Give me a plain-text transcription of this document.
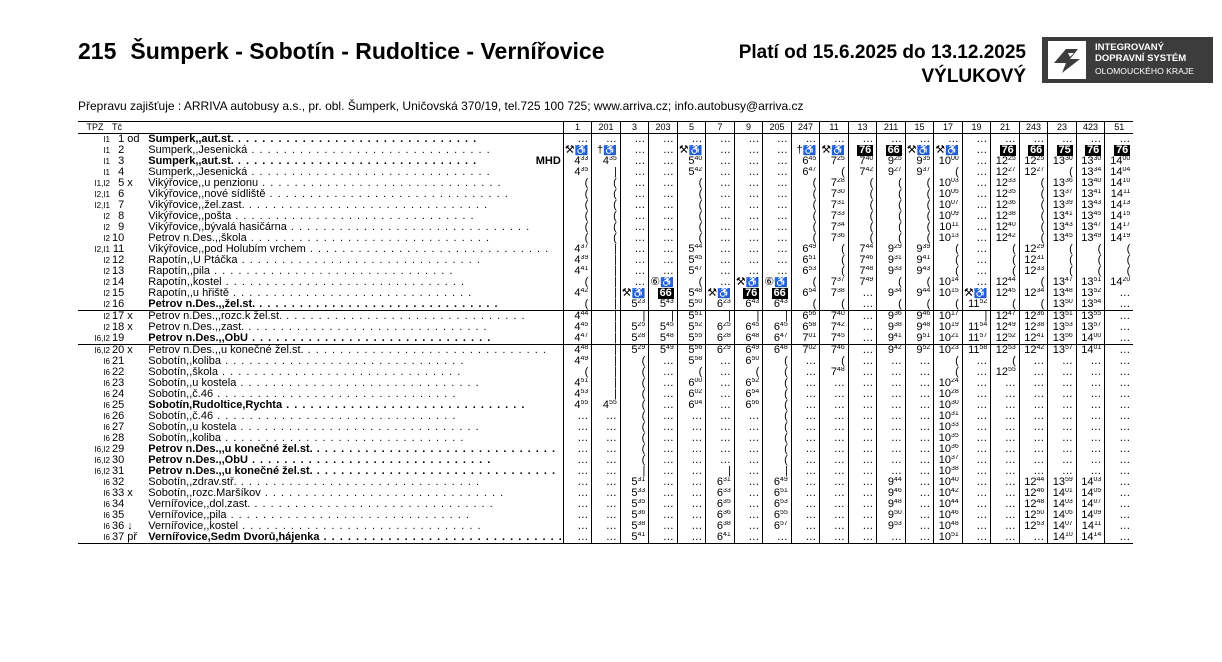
215 Šumperk - Sobotín - Rudoltice - Vernířovice	Platí od 15.6.2025 do 13.12.2025
VÝLUKOVÝ
INTEGROVANÝ
DOPRAVNÍ SYSTÉM
OLOMOUCKÉHO KRAJE
Přepravu zajišťuje : ARRIVA autobusy a.s., pr. obl. Šumperk, Uničovská 370/19, tel.725 100 725; www.arriva.cz; info.autobusy@arriva.cz
TPZ	Tč			1	201	3	203	5	7	9	205	247	11	13	211	15	17	19	21	243	23	423	51
I1	1	od	Šumperk,,aut.st. . . . . . . . . . . . . . . . . . . . . . . . . . . . . . .	…	…	…	…	…	…	…	…	…	…	…	…	…	…	…	…	…	…	…	…
I1	2		Šumperk,,Jesenická . . . . . . . . . . . . . . . . . . . . . . . . . . . . . .	⚒♿	†♿	…	…	⚒♿	…	…	…	†♿	⚒♿	76	66	⚒♿	⚒♿	…	76	66	75	76	76
I1	3		Šumperk,,aut.st. . . . . . . . . . . . . . . . . . . . . . . . . . . . . . . MHD	$4^{33}$	$4^{35}$	…	…	$5^{40}$	…	…	…	$6^{45}$	$7^{25}$	$7^{40}$	$9^{25}$	$9^{35}$	$10^{00}$	…	$12^{25}$	$12^{25}$	$13^{30}$	$13^{30}$	$14^{00}$
I1	4		Šumperk,,Jesenická . . . . . . . . . . . . . . . . . . . . . . . . . . . . . .	$4^{35}$	|	…	…	$5^{42}$	…	…	…	$6^{47}$	(	$7^{42}$	$9^{27}$	$9^{37}$	(	…	$12^{27}$	$12^{27}$	(	$13^{34}$	$14^{04}$
I1,I2	5	x	Vikýřovice,,u penzionu . . . . . . . . . . . . . . . . . . . . . . . . . . . . . .	(	(	…	…	(	…	…	…	(	$7^{28}$	(	(	(	$10^{03}$	…	$12^{33}$	(	$13^{36}$	$13^{40}$	$14^{10}$
I2,I1	6		Vikýřovice,,nové sídliště . . . . . . . . . . . . . . . . . . . . . . . . . . . . . .	(	(	…	…	(	…	…	…	(	$7^{30}$	(	(	(	$10^{05}$	…	$12^{35}$	(	$13^{37}$	$13^{41}$	$14^{11}$
I2,I1	7		Vikýřovice,,žel.zast. . . . . . . . . . . . . . . . . . . . . . . . . . . . . . .	(	(	…	…	(	…	…	…	(	$7^{31}$	(	(	(	$10^{07}$	…	$12^{36}$	(	$13^{39}$	$13^{43}$	$14^{13}$
I2	8		Vikýřovice,,pošta . . . . . . . . . . . . . . . . . . . . . . . . . . . . . .	(	(	…	…	(	…	…	…	(	$7^{33}$	(	(	(	$10^{09}$	…	$12^{38}$	(	$13^{41}$	$13^{45}$	$14^{15}$
I2	9		Vikýřovice,,bývalá hasičárna . . . . . . . . . . . . . . . . . . . . . . . . . . . . . .	(	(	…	…	(	…	…	…	(	$7^{34}$	(	(	(	$10^{11}$	…	$12^{40}$	(	$13^{43}$	$13^{47}$	$14^{17}$
I2	10		Petrov n.Des.,,škola . . . . . . . . . . . . . . . . . . . . . . . . . . . . . .	(	(	…	…	(	…	…	…	(	$7^{36}$	(	(	(	$10^{13}$	…	$12^{42}$	(	$13^{45}$	$13^{49}$	$14^{19}$
I2,I1	11		Vikýřovice,,pod Holubím vrchem . . . . . . . . . . . . . . . . . . . . . . . . . . . . . .	$4^{37}$	|	…	…	$5^{44}$	…	…	…	$6^{49}$	(	$7^{44}$	$9^{29}$	$9^{39}$	(	…	(	$12^{29}$	(	(	(
I2	12		Rapotín,,U Ptáčka . . . . . . . . . . . . . . . . . . . . . . . . . . . . . .	$4^{39}$	|	…	…	$5^{45}$	…	…	…	$6^{51}$	(	$7^{46}$	$9^{31}$	$9^{41}$	(	…	(	$12^{31}$	(	(	(
I2	13		Rapotín,,pila . . . . . . . . . . . . . . . . . . . . . . . . . . . . . .	$4^{41}$	|	…	…	$5^{47}$	…	…	…	$6^{53}$	(	$7^{48}$	$9^{33}$	$9^{43}$	(	…	(	$12^{33}$	(	(	(
I2	14		Rapotín,,kostel . . . . . . . . . . . . . . . . . . . . . . . . . . . . . .	(	|	…	⑥♿	(	…	⚒♿	⑥♿	(	$7^{37}$	$7^{49}$	(	(	$10^{14}$	…	$12^{44}$	(	$13^{47}$	$13^{51}$	$14^{20}$
I2	15		Rapotín,,u hřiště . . . . . . . . . . . . . . . . . . . . . . . . . . . . . .	$4^{42}$	|	⚒♿	66	$5^{48}$	⚒♿	76	66	$6^{54}$	$7^{38}$	…	$9^{34}$	$9^{44}$	$10^{15}$	⚒♿	$12^{45}$	$12^{34}$	$13^{48}$	$13^{52}$	…
I2	16		Petrov n.Des.,,žel.st. . . . . . . . . . . . . . . . . . . . . . . . . . . . . . .	(	|	$5^{23}$	$5^{43}$	$5^{50}$	$6^{23}$	$6^{43}$	$6^{43}$	(	(	…	(	(	(	$11^{52}$	(	(	$13^{50}$	$13^{54}$	…
I2	17	x	Petrov n.Des.,,rozc.k žel.st. . . . . . . . . . . . . . . . . . . . . . . . . . . . . . .	$4^{44}$	|	|	|	$5^{51}$	|	|	|	$6^{56}$	$7^{40}$	…	$9^{36}$	$9^{46}$	$10^{17}$	|	$12^{47}$	$12^{36}$	$13^{51}$	$13^{55}$	…
I2	18	x	Petrov n.Des.,,zast. . . . . . . . . . . . . . . . . . . . . . . . . . . . . . .	$4^{45}$	|	$5^{25}$	$5^{45}$	$5^{52}$	$6^{25}$	$6^{45}$	$6^{45}$	$6^{58}$	$7^{42}$	…	$9^{38}$	$9^{48}$	$10^{19}$	$11^{54}$	$12^{49}$	$12^{38}$	$13^{53}$	$13^{57}$	…
I6,I2	19		Petrov n.Des.,,ObÚ . . . . . . . . . . . . . . . . . . . . . . . . . . . . . .	$4^{47}$	|	$5^{28}$	$5^{48}$	$5^{55}$	$6^{28}$	$6^{48}$	$6^{47}$	$7^{01}$	$7^{45}$	…	$9^{41}$	$9^{51}$	$10^{21}$	$11^{57}$	$12^{52}$	$12^{41}$	$13^{56}$	$14^{00}$	…
I6,I2	20	x	Petrov n.Des.,,u konečné žel.st. . . . . . . . . . . . . . . . . . . . . . . . . . . . . . .	$4^{48}$	|	$5^{29}$	$5^{49}$	$5^{56}$	$6^{29}$	$6^{49}$	$6^{48}$	$7^{02}$	$7^{46}$	…	$9^{42}$	$9^{52}$	$10^{23}$	$11^{58}$	$12^{53}$	$12^{42}$	$13^{57}$	$14^{01}$	…
I6	21		Sobotín,,koliba . . . . . . . . . . . . . . . . . . . . . . . . . . . . . .	$4^{49}$	|	(	…	$5^{58}$	…	$6^{50}$	(	…	(	…	…	…	(	…	(	…	…	…	…
I6	22		Sobotín,,škola . . . . . . . . . . . . . . . . . . . . . . . . . . . . . .	(	|	(	…	(	…	(	(	…	$7^{48}$	…	…	…	(	…	$12^{55}$	…	…	…	…
I6	23		Sobotín,,u kostela . . . . . . . . . . . . . . . . . . . . . . . . . . . . . .	$4^{51}$	|	(	…	$6^{00}$	…	$6^{52}$	(	…	…	…	…	…	$10^{24}$	…	…	…	…	…	…
I6	24		Sobotín,,č.46 . . . . . . . . . . . . . . . . . . . . . . . . . . . . . .	$4^{53}$	|	(	…	$6^{02}$	…	$6^{54}$	(	…	…	…	…	…	$10^{28}$	…	…	…	…	…	…
I6	25		Sobotín,Rudoltice,Rychta . . . . . . . . . . . . . . . . . . . . . . . . . . . . . .	$4^{55}$	$4^{55}$	(	…	$6^{04}$	…	$6^{56}$	(	…	…	…	…	…	$10^{30}$	…	…	…	…	…	…
I6	26		Sobotín,,č.46 . . . . . . . . . . . . . . . . . . . . . . . . . . . . . .	…	…	(	…	…	…	…	(	…	…	…	…	…	$10^{31}$	…	…	…	…	…	…
I6	27		Sobotín,,u kostela . . . . . . . . . . . . . . . . . . . . . . . . . . . . . .	…	…	(	…	…	…	…	(	…	…	…	…	…	$10^{33}$	…	…	…	…	…	…
I6	28		Sobotín,,koliba . . . . . . . . . . . . . . . . . . . . . . . . . . . . . .	…	…	(	…	…	…	…	(	…	…	…	…	…	$10^{35}$	…	…	…	…	…	…
I6,I2	29		Petrov n.Des.,,u konečné žel.st. . . . . . . . . . . . . . . . . . . . . . . . . . . . . . .	…	…	(	…	…	…	…	(	…	…	…	…	…	$10^{36}$	…	…	…	…	…	…
I6,I2	30		Petrov n.Des.,,ObÚ . . . . . . . . . . . . . . . . . . . . . . . . . . . . . .	…	…	(	…	…	…	…	(	…	…	…	…	…	$10^{37}$	…	…	…	…	…	…
I6,I2	31		Petrov n.Des.,,u konečné žel.st. . . . . . . . . . . . . . . . . . . . . . . . . . . . . . .	…	…	|	…	…	|	…	|	…	…	…	…	…	$10^{38}$	…	…	…	…	…	…
I6	32		Sobotín,,zdrav.stř. . . . . . . . . . . . . . . . . . . . . . . . . . . . . . .	…	…	$5^{31}$	…	…	$6^{31}$	…	$6^{49}$	…	…	…	$9^{44}$	…	$10^{40}$	…	…	$12^{44}$	$13^{59}$	$14^{03}$	…
I6	33	x	Sobotín,,rozc.Maršíkov . . . . . . . . . . . . . . . . . . . . . . . . . . . . . .	…	…	$5^{33}$	…	…	$6^{33}$	…	$6^{51}$	…	…	…	$9^{46}$	…	$10^{42}$	…	…	$12^{46}$	$14^{01}$	$14^{05}$	…
I6	34		Vernířovice,,dol.zast. . . . . . . . . . . . . . . . . . . . . . . . . . . . . . .	…	…	$5^{35}$	…	…	$6^{35}$	…	$6^{53}$	…	…	…	$9^{48}$	…	$10^{44}$	…	…	$12^{48}$	$14^{03}$	$14^{07}$	…
I6	35		Vernířovice,,pila . . . . . . . . . . . . . . . . . . . . . . . . . . . . . .	…	…	$5^{36}$	…	…	$6^{36}$	…	$6^{55}$	…	…	…	$9^{50}$	…	$10^{46}$	…	…	$12^{50}$	$14^{05}$	$14^{09}$	…
I6	36	↓	Vernířovice,,kostel . . . . . . . . . . . . . . . . . . . . . . . . . . . . . .	…	…	$5^{38}$	…	…	$6^{38}$	…	$6^{57}$	…	…	…	$9^{53}$	…	$10^{48}$	…	…	$12^{53}$	$14^{07}$	$14^{11}$	…
I6	37	př	Vernířovice,Sedm Dvorů,hájenka . . . . . . . . . . . . . . . . . . . . . . . . . . . . . .	…	…	$5^{41}$	…	…	$6^{41}$	…	…	…	…	…	…	…	$10^{51}$	…	…	…	$14^{10}$	$14^{14}$	…
